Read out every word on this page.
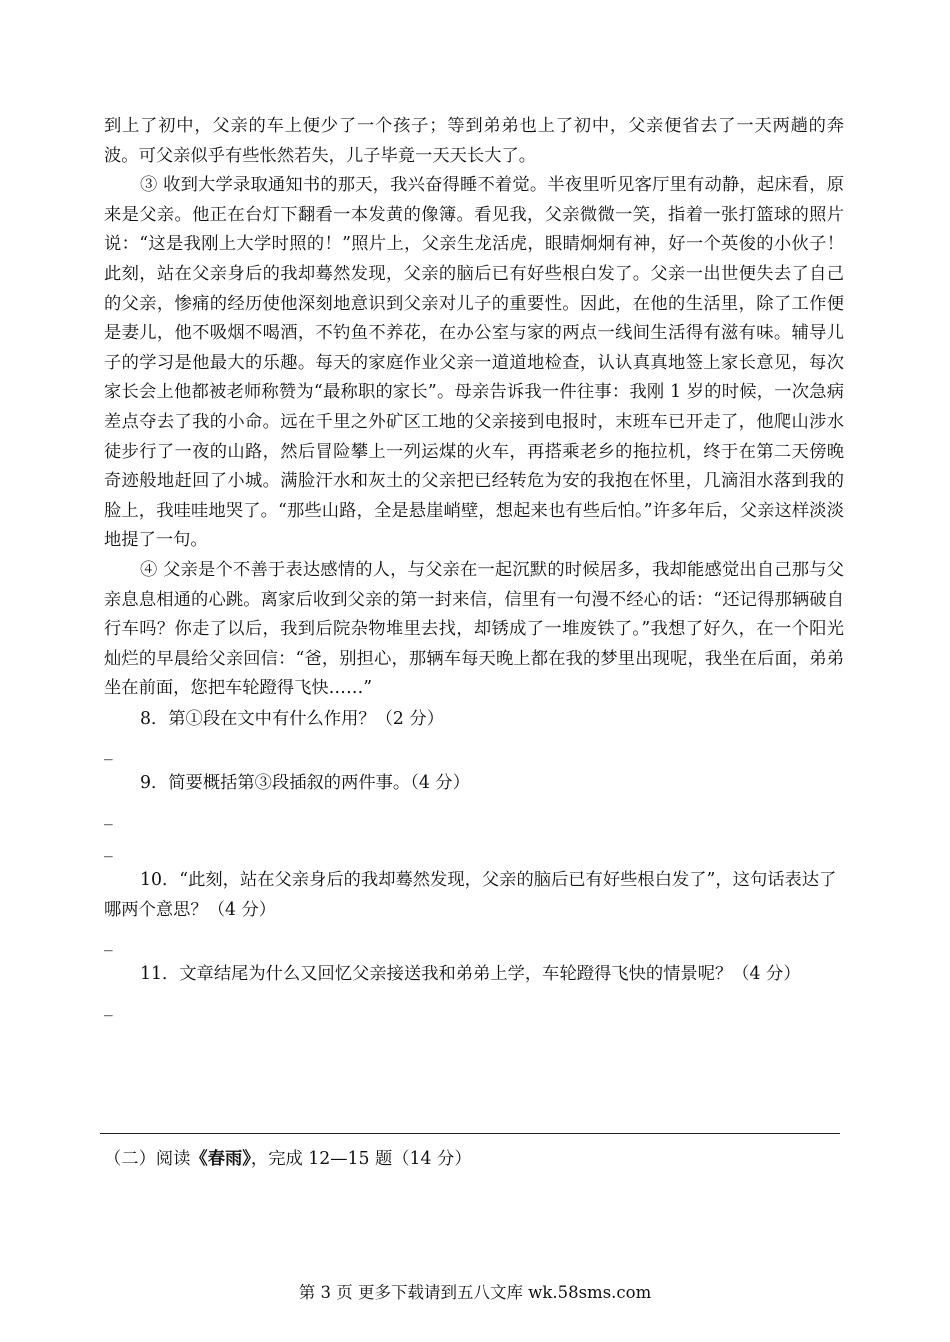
到上了初中，父亲的车上便少了一个孩子；等到弟弟也上了初中，父亲便省去了一天两趟的奔波。可父亲似乎有些怅然若失，儿子毕竟一天天长大了。

③ 收到大学录取通知书的那天，我兴奋得睡不着觉。半夜里听见客厅里有动静，起床看，原来是父亲。他正在台灯下翻看一本发黄的像簿。看见我，父亲微微一笑，指着一张打篮球的照片说：“这是我刚上大学时照的！”照片上，父亲生龙活虎，眼睛炯炯有神，好一个英俊的小伙子！此刻，站在父亲身后的我却蓦然发现，父亲的脑后已有好些根白发了。父亲一出世便失去了自己的父亲，惨痛的经历使他深刻地意识到父亲对儿子的重要性。因此，在他的生活里，除了工作便是妻儿，他不吸烟不喝酒，不钓鱼不养花，在办公室与家的两点一线间生活得有滋有味。辅导儿子的学习是他最大的乐趣。每天的家庭作业父亲一道道地检查，认认真真地签上家长意见，每次家长会上他都被老师称赞为“最称职的家长”。母亲告诉我一件往事：我刚 1 岁的时候，一次急病差点夺去了我的小命。远在千里之外矿区工地的父亲接到电报时，末班车已开走了，他爬山涉水徒步行了一夜的山路，然后冒险攀上一列运煤的火车，再搭乘老乡的拖拉机，终于在第二天傍晚奇迹般地赶回了小城。满脸汗水和灰土的父亲把已经转危为安的我抱在怀里，几滴泪水落到我的脸上，我哇哇地哭了。“那些山路，全是悬崖峭壁，想起来也有些后怕。”许多年后，父亲这样淡淡地提了一句。

④ 父亲是个不善于表达感情的人，与父亲在一起沉默的时候居多，我却能感觉出自己那与父亲息息相通的心跳。离家后收到父亲的第一封来信，信里有一句漫不经心的话：“还记得那辆破自行车吗？你走了以后，我到后院杂物堆里去找，却锈成了一堆废铁了。”我想了好久，在一个阳光灿烂的早晨给父亲回信：“爸，别担心，那辆车每天晚上都在我的梦里出现呢，我坐在后面，弟弟坐在前面，您把车轮蹬得飞快……”

8．第①段在文中有什么作用？（2 分）

_

9．简要概括第③段插叙的两件事。（4 分）

_
_

10．“此刻，站在父亲身后的我却蓦然发现，父亲的脑后已有好些根白发了”，这句话表达了哪两个意思？（4 分）

_

11．文章结尾为什么又回忆父亲接送我和弟弟上学，车轮蹬得飞快的情景呢？（4 分）

_
（二）阅读《春雨》，完成 12—15 题（14 分）
第 3 页 更多下载请到五八文库 wk.58sms.com
